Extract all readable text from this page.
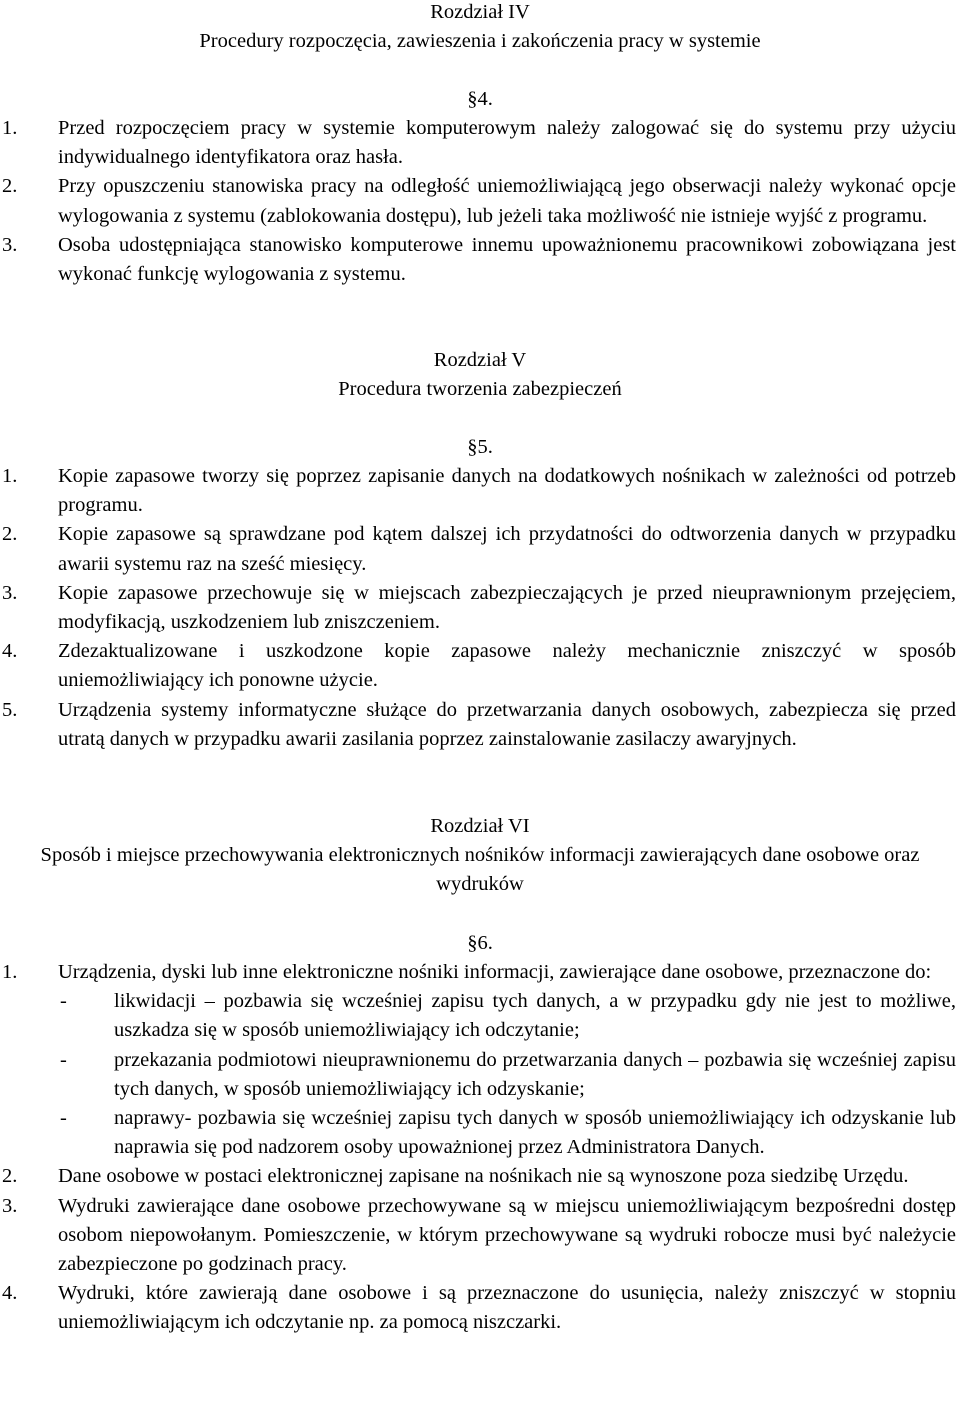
Rozdział IV
Procedury rozpoczęcia, zawieszenia i zakończenia pracy w systemie
§4.
1. Przed rozpoczęciem pracy w systemie komputerowym należy zalogować się do systemu przy użyciu indywidualnego identyfikatora oraz hasła.
2. Przy opuszczeniu stanowiska pracy na odległość uniemożliwiającą jego obserwacji należy wykonać opcje wylogowania z systemu (zablokowania dostępu), lub jeżeli taka możliwość nie istnieje wyjść z programu.
3. Osoba udostępniająca stanowisko komputerowe innemu upoważnionemu pracownikowi zobowiązana jest wykonać funkcję wylogowania z systemu.
Rozdział V
Procedura tworzenia zabezpieczeń
§5.
1. Kopie zapasowe tworzy się poprzez zapisanie danych na dodatkowych nośnikach w zależności od potrzeb programu.
2. Kopie zapasowe są sprawdzane pod kątem dalszej ich przydatności do odtworzenia danych w przypadku awarii systemu raz na sześć miesięcy.
3. Kopie zapasowe przechowuje się w miejscach zabezpieczających je przed nieuprawnionym przejęciem, modyfikacją, uszkodzeniem lub zniszczeniem.
4. Zdezaktualizowane i uszkodzone kopie zapasowe należy mechanicznie zniszczyć w sposób uniemożliwiający ich ponowne użycie.
5. Urządzenia systemy informatyczne służące do przetwarzania danych osobowych, zabezpiecza się przed utratą danych w przypadku awarii zasilania poprzez zainstalowanie zasilaczy awaryjnych.
Rozdział VI
Sposób i miejsce przechowywania elektronicznych nośników informacji zawierających dane osobowe oraz wydruków
§6.
1. Urządzenia, dyski lub inne elektroniczne nośniki informacji, zawierające dane osobowe, przeznaczone do:
- likwidacji – pozbawia się wcześniej zapisu tych danych, a w przypadku gdy nie jest to możliwe, uszkadza się w sposób uniemożliwiający ich odczytanie;
- przekazania podmiotowi nieuprawnionemu do przetwarzania danych – pozbawia się wcześniej zapisu tych danych, w sposób uniemożliwiający ich odzyskanie;
- naprawy- pozbawia się wcześniej zapisu tych danych w sposób uniemożliwiający ich odzyskanie lub naprawia się pod nadzorem osoby upoważnionej przez Administratora Danych.
2. Dane osobowe w postaci elektronicznej zapisane na nośnikach nie są wynoszone poza siedzibę Urzędu.
3. Wydruki zawierające dane osobowe przechowywane są w miejscu uniemożliwiającym bezpośredni dostęp osobom niepowołanym. Pomieszczenie, w którym przechowywane są wydruki robocze musi być należycie zabezpieczone po godzinach pracy.
4. Wydruki, które zawierają dane osobowe i są przeznaczone do usunięcia, należy zniszczyć w stopniu uniemożliwiającym ich odczytanie np. za pomocą niszczarki.
